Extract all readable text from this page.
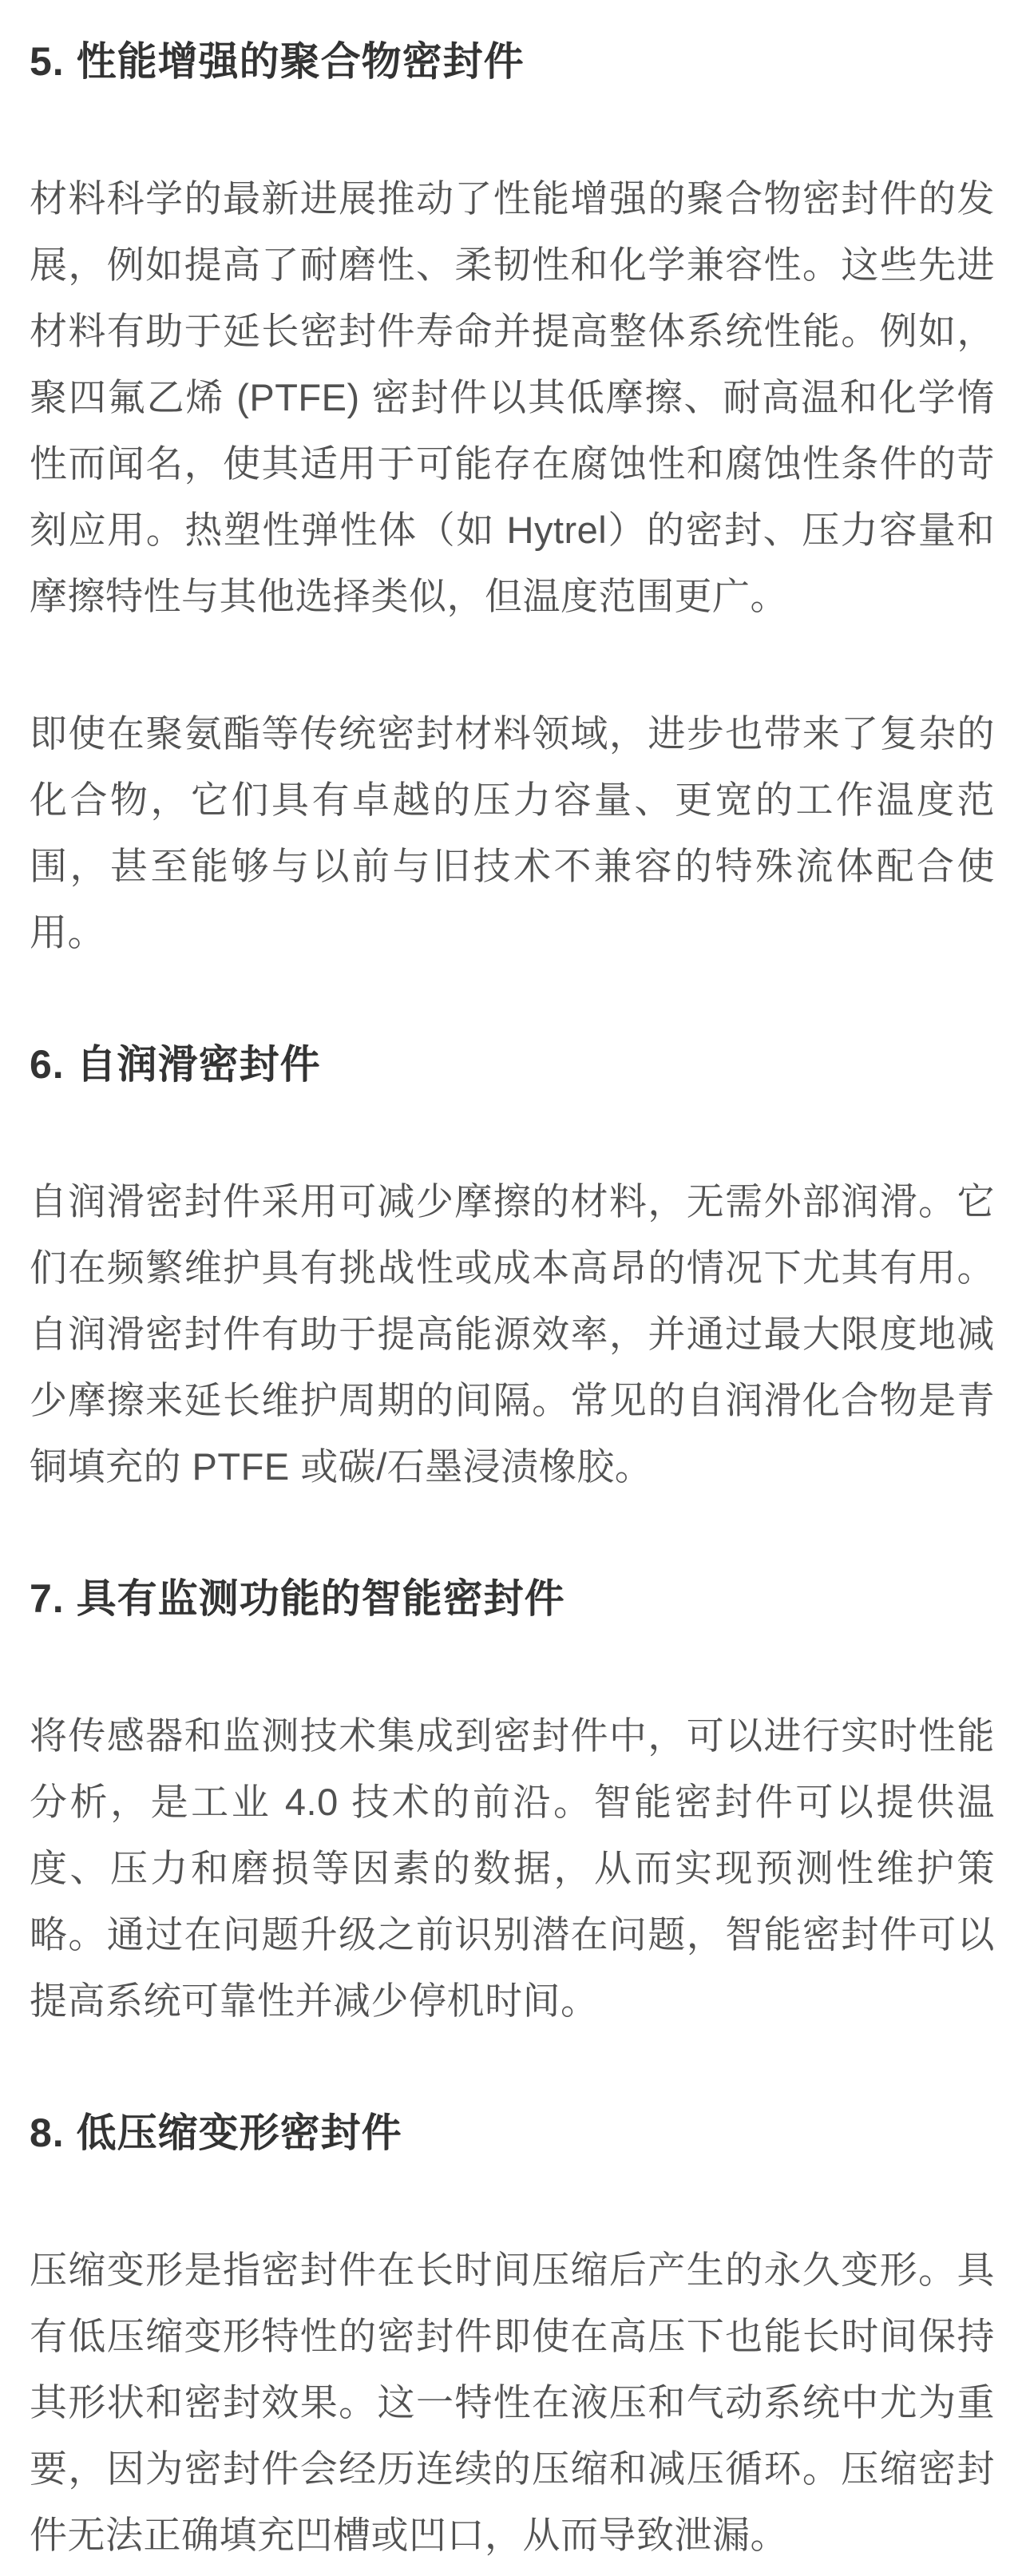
5. 性能增强的聚合物密封件

材料科学的最新进展推动了性能增强的聚合物密封件的发展，例如提高了耐磨性、柔韧性和化学兼容性。这些先进材料有助于延长密封件寿命并提高整体系统性能。例如，聚四氟乙烯 (PTFE) 密封件以其低摩擦、耐高温和化学惰性而闻名，使其适用于可能存在腐蚀性和腐蚀性条件的苛刻应用。热塑性弹性体（如 Hytrel）的密封、压力容量和摩擦特性与其他选择类似，但温度范围更广。

即使在聚氨酯等传统密封材料领域，进步也带来了复杂的化合物，它们具有卓越的压力容量、更宽的工作温度范围，甚至能够与以前与旧技术不兼容的特殊流体配合使用。

6. 自润滑密封件

自润滑密封件采用可减少摩擦的材料，无需外部润滑。它们在频繁维护具有挑战性或成本高昂的情况下尤其有用。自润滑密封件有助于提高能源效率，并通过最大限度地减少摩擦来延长维护周期的间隔。常见的自润滑化合物是青铜填充的 PTFE 或碳/石墨浸渍橡胶。

7. 具有监测功能的智能密封件

将传感器和监测技术集成到密封件中，可以进行实时性能分析，是工业 4.0 技术的前沿。智能密封件可以提供温度、压力和磨损等因素的数据，从而实现预测性维护策略。通过在问题升级之前识别潜在问题，智能密封件可以提高系统可靠性并减少停机时间。

8. 低压缩变形密封件

压缩变形是指密封件在长时间压缩后产生的永久变形。具有低压缩变形特性的密封件即使在高压下也能长时间保持其形状和密封效果。这一特性在液压和气动系统中尤为重要，因为密封件会经历连续的压缩和减压循环。压缩密封件无法正确填充凹槽或凹口，从而导致泄漏。
